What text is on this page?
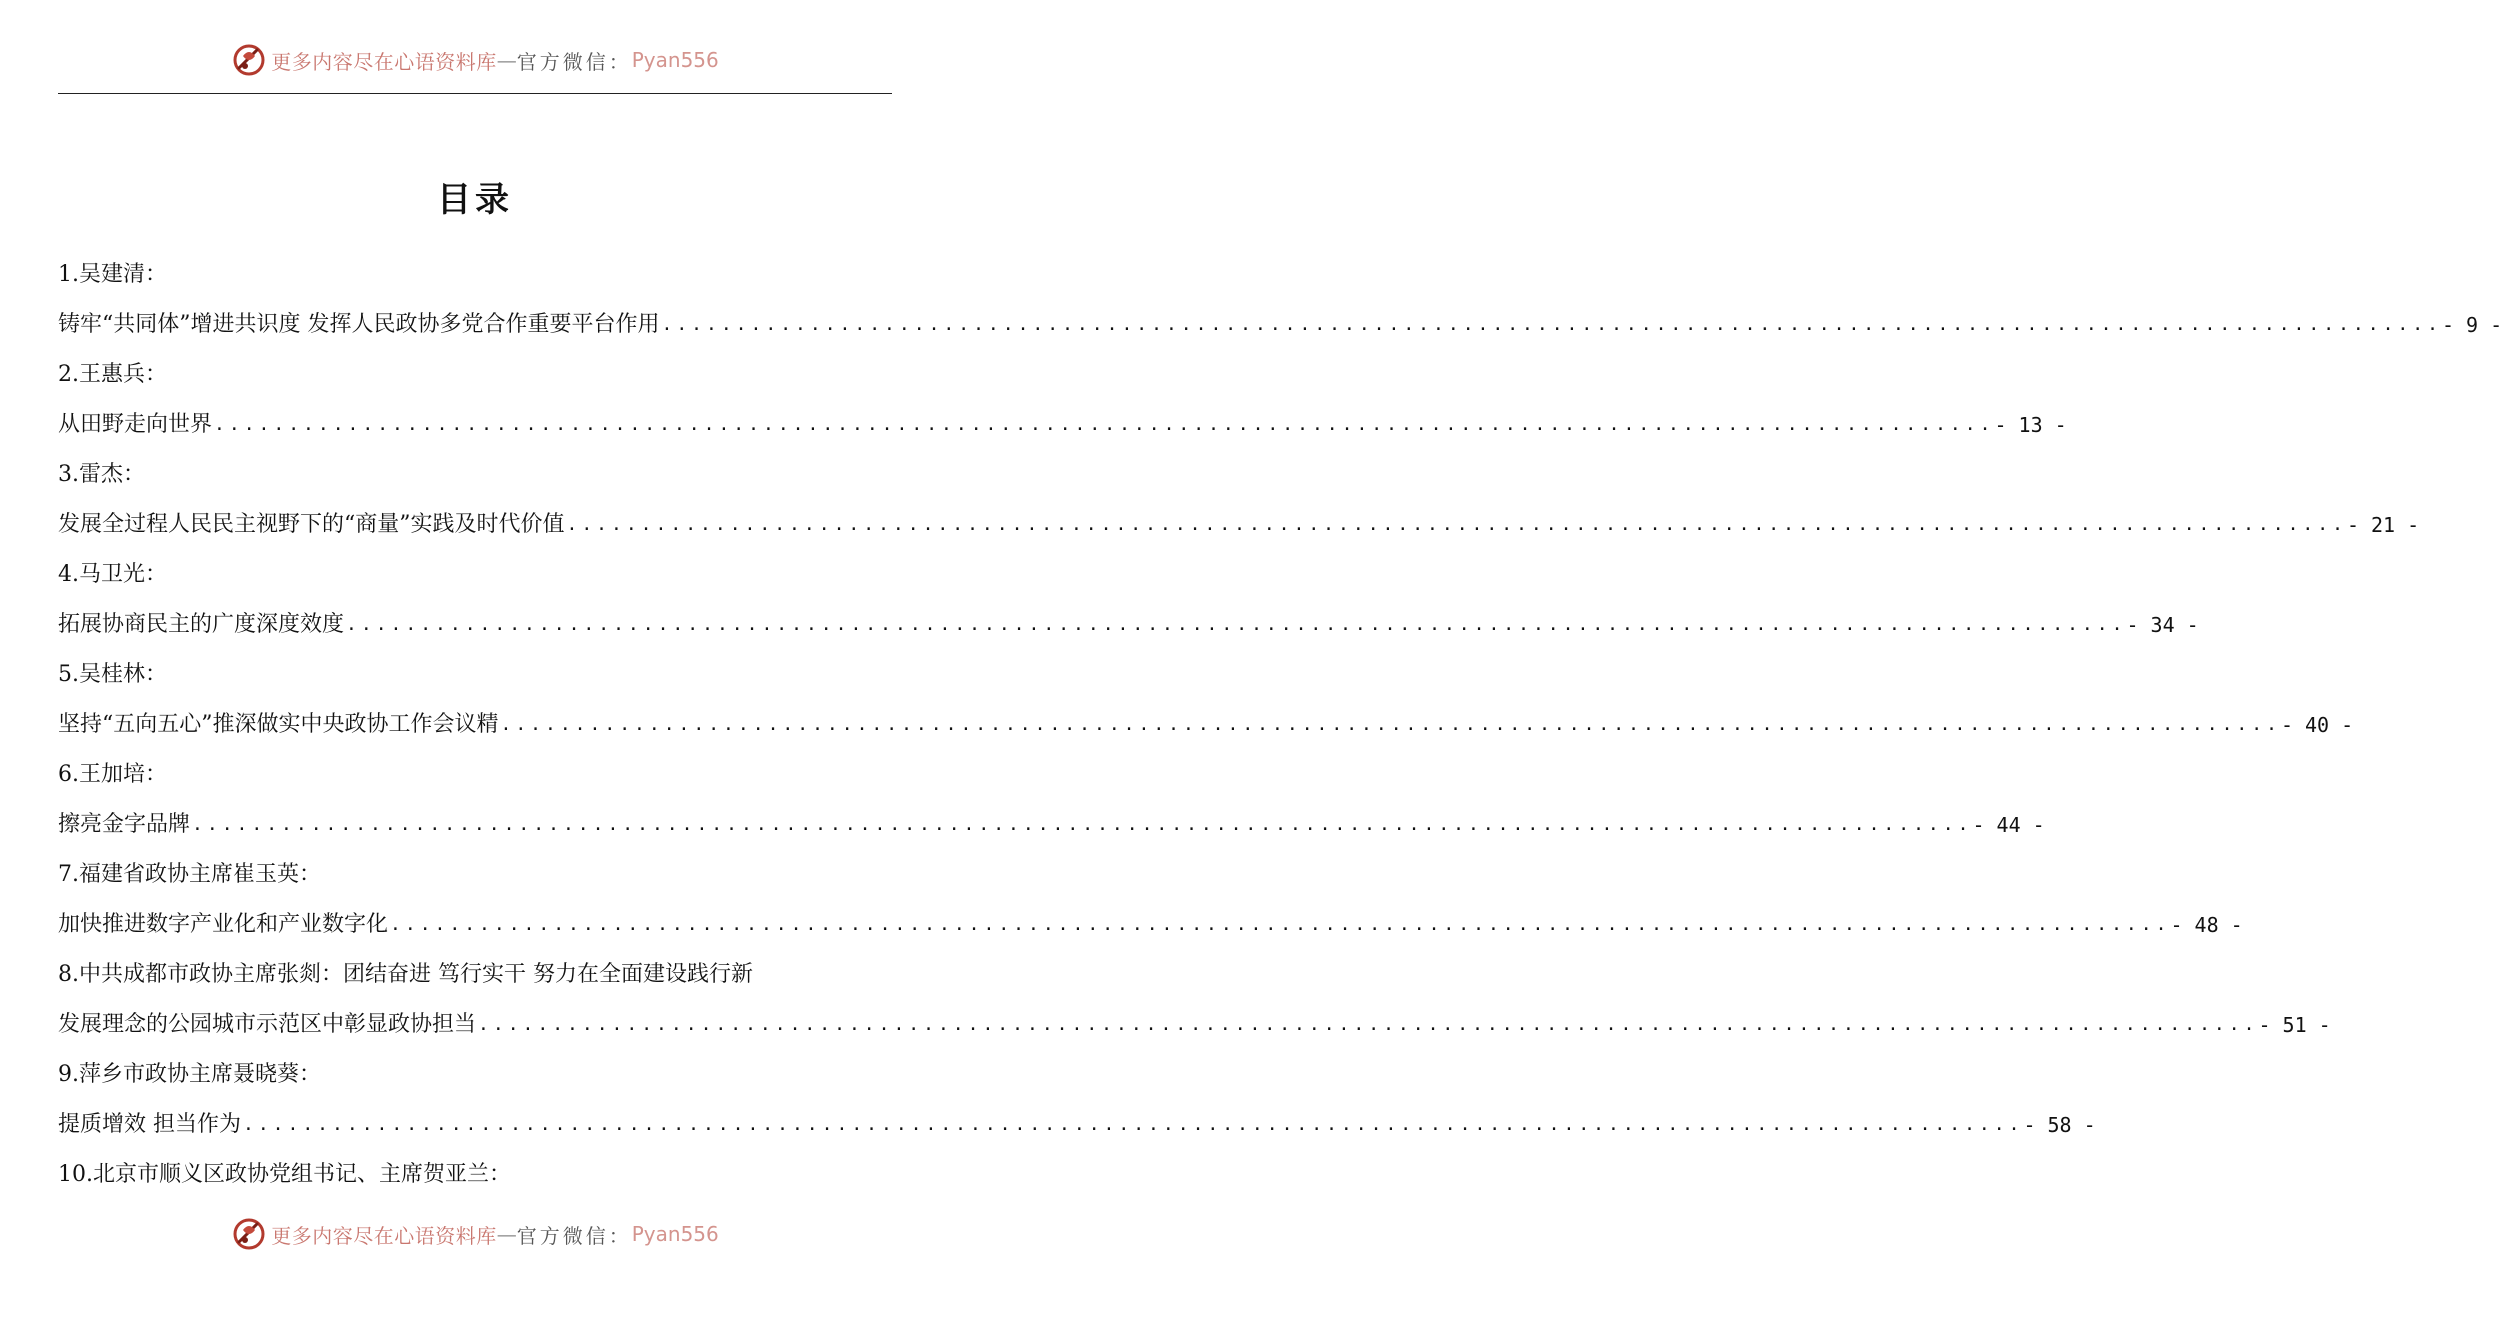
更多内容尽在心语资料库 — 官方微信： Pyan556
目录
1.吴建清：
铸牢“共同体”增进共识度 发挥人民政协多党合作重要平台作用 ........................................................................................................................ - 9 -
2.王惠兵：
从田野走向世界 ........................................................................................................................ - 13 -
3.雷杰：
发展全过程人民民主视野下的“商量”实践及时代价值 ........................................................................................................................ - 21 -
4.马卫光：
拓展协商民主的广度深度效度 ........................................................................................................................ - 34 -
5.吴桂林：
坚持“五向五心”推深做实中央政协工作会议精 ........................................................................................................................ - 40 -
6.王加培：
擦亮金字品牌 ........................................................................................................................ - 44 -
7.福建省政协主席崔玉英：
加快推进数字产业化和产业数字化 ........................................................................................................................ - 48 -
8.中共成都市政协主席张剡：团结奋进 笃行实干 努力在全面建设践行新
发展理念的公园城市示范区中彰显政协担当 ........................................................................................................................ - 51 -
9.萍乡市政协主席聂晓葵：
提质增效 担当作为 ........................................................................................................................ - 58 -
10.北京市顺义区政协党组书记、主席贺亚兰：
更多内容尽在心语资料库 — 官方微信： Pyan556
